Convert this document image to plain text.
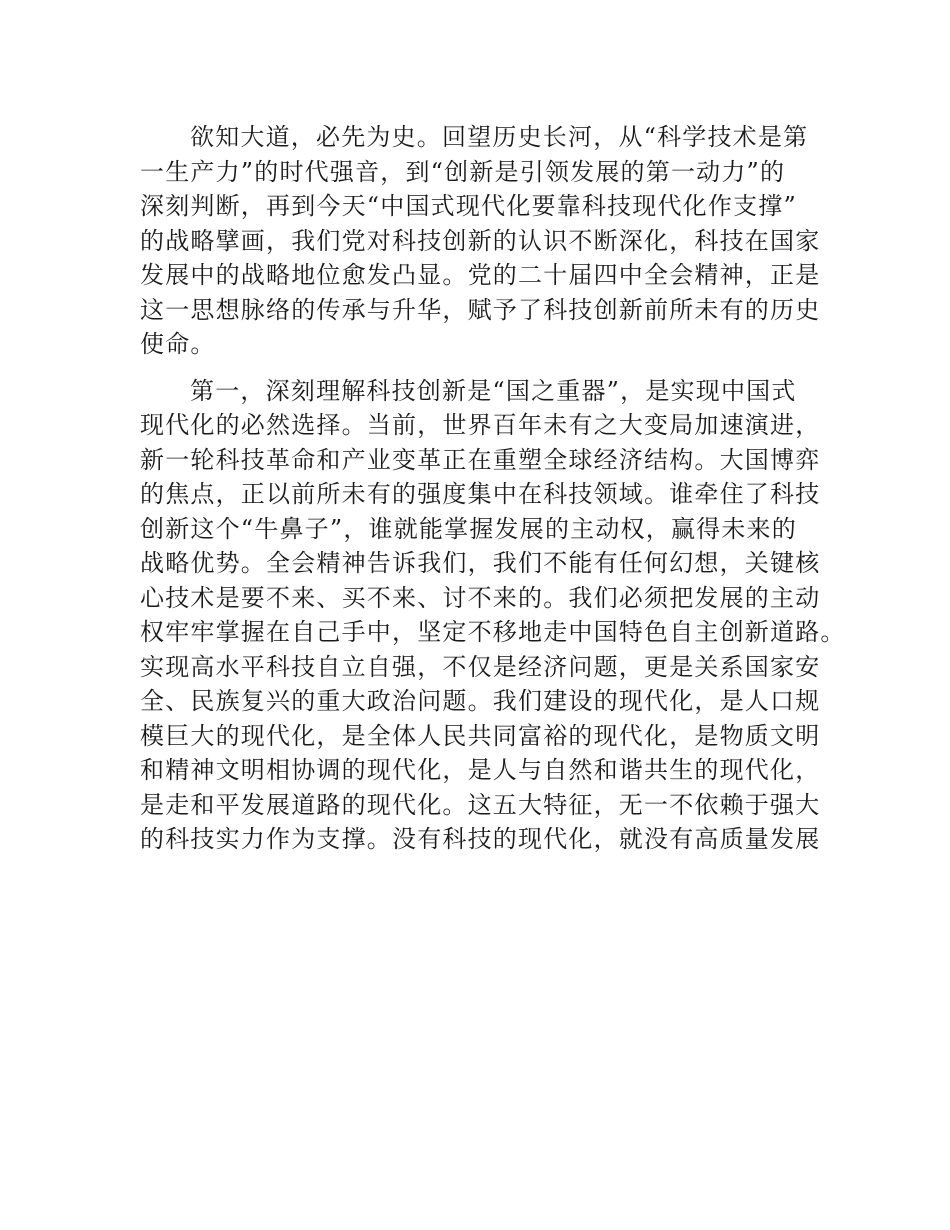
欲知大道，必先为史。回望历史长河，从“科学技术是第
一生产力”的时代强音，到“创新是引领发展的第一动力”的
深刻判断，再到今天“中国式现代化要靠科技现代化作支撑”
的战略擘画，我们党对科技创新的认识不断深化，科技在国家
发展中的战略地位愈发凸显。党的二十届四中全会精神，正是
这一思想脉络的传承与升华，赋予了科技创新前所未有的历史
使命。

第一，深刻理解科技创新是“国之重器”，是实现中国式
现代化的必然选择。当前，世界百年未有之大变局加速演进，
新一轮科技革命和产业变革正在重塑全球经济结构。大国博弈
的焦点，正以前所未有的强度集中在科技领域。谁牵住了科技
创新这个“牛鼻子”，谁就能掌握发展的主动权，赢得未来的
战略优势。全会精神告诉我们，我们不能有任何幻想，关键核
心技术是要不来、买不来、讨不来的。我们必须把发展的主动
权牢牢掌握在自己手中，坚定不移地走中国特色自主创新道路。
实现高水平科技自立自强，不仅是经济问题，更是关系国家安
全、民族复兴的重大政治问题。我们建设的现代化，是人口规
模巨大的现代化，是全体人民共同富裕的现代化，是物质文明
和精神文明相协调的现代化，是人与自然和谐共生的现代化，
是走和平发展道路的现代化。这五大特征，无一不依赖于强大
的科技实力作为支撑。没有科技的现代化，就没有高质量发展
